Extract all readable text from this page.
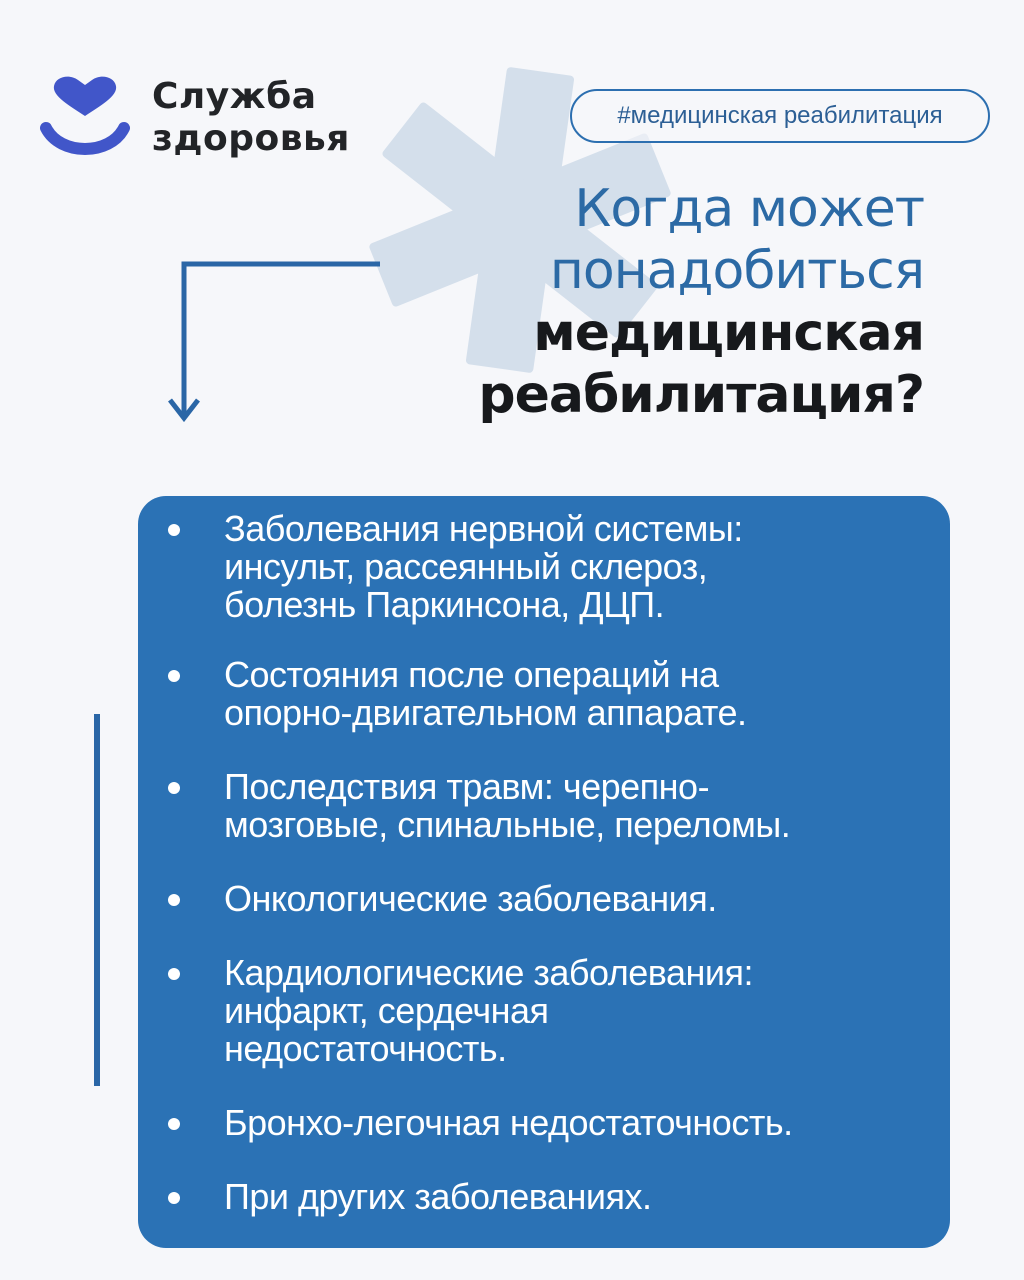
Служба
здоровья
#медицинская реабилитация
Когда может
понадобиться
медицинская
реабилитация?
Заболевания нервной системы:
инсульт, рассеянный склероз,
болезнь Паркинсона, ДЦП.
Состояния после операций на
опорно-двигательном аппарате.
Последствия травм: черепно-
мозговые, спинальные, переломы.
Онкологические заболевания.
Кардиологические заболевания:
инфаркт, сердечная
недостаточность.
Бронхо-легочная недостаточность.
При других заболеваниях.
